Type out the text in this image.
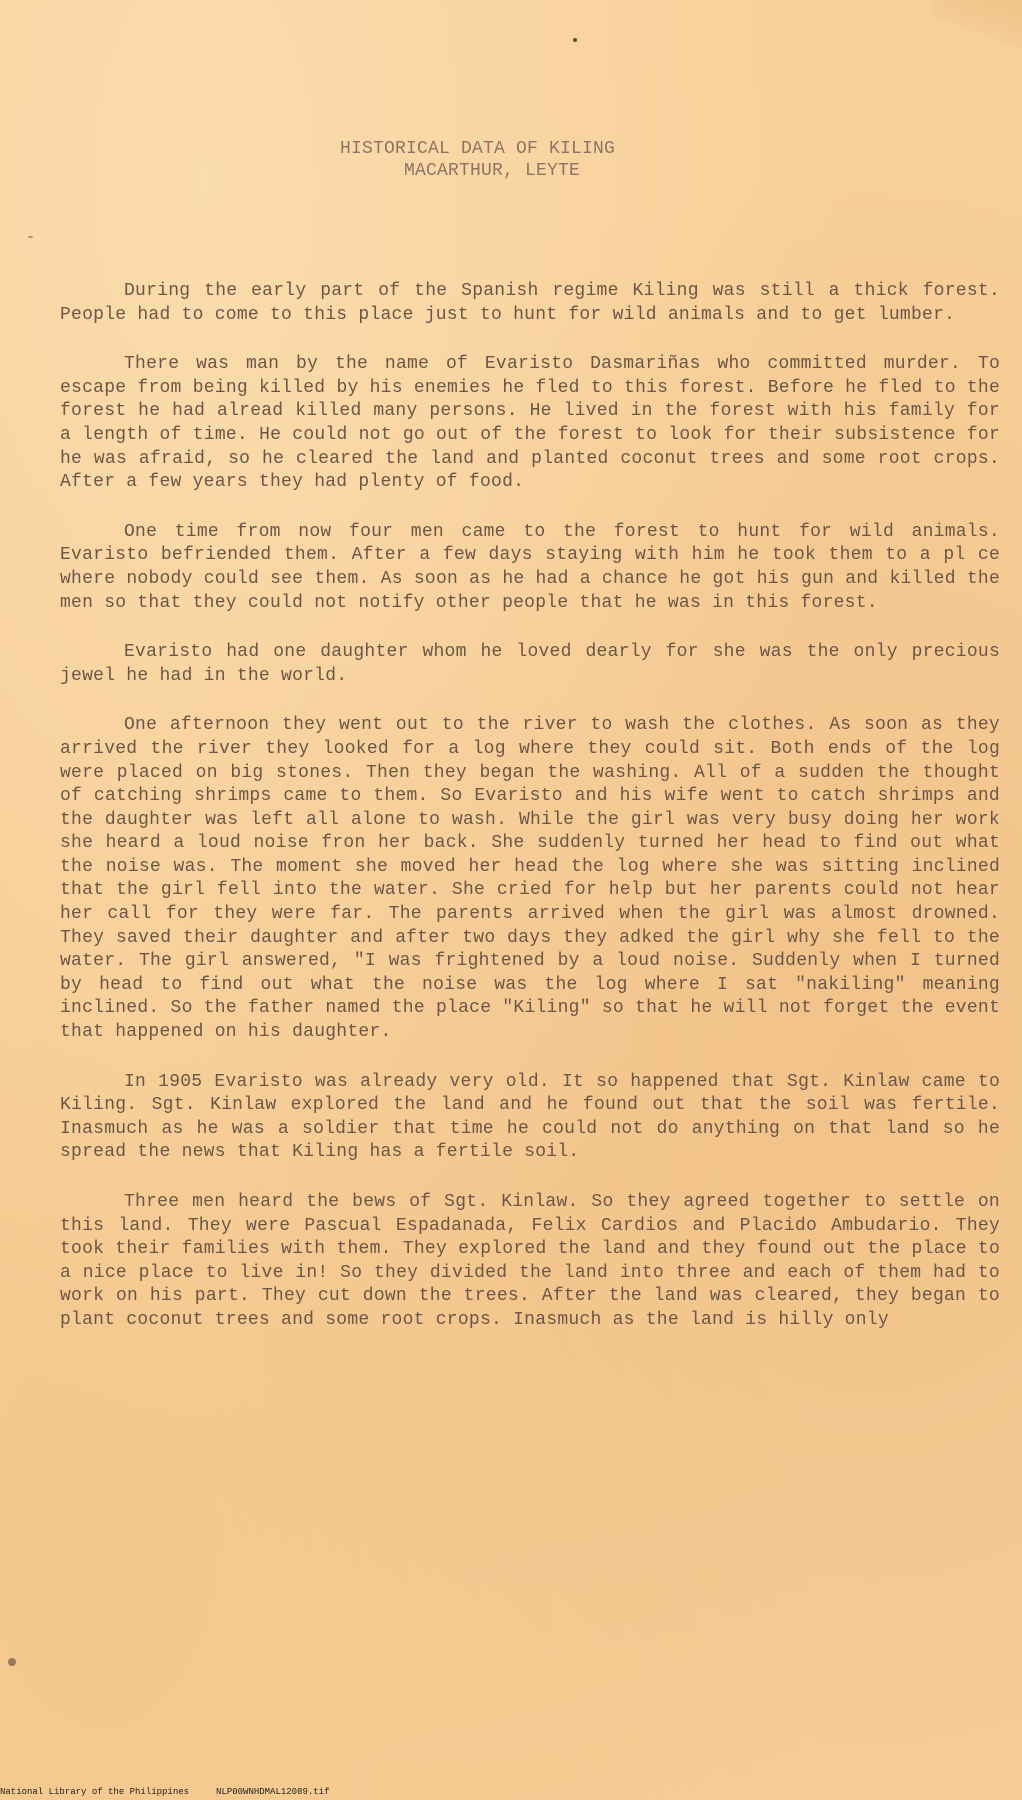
HISTORICAL DATA OF KILING
MACARTHUR, LEYTE

During the early part of the Spanish regime Kiling was still a thick forest. People had to come to this place just to hunt for wild animals and to get lumber.

There was man by the name of Evaristo Dasmariñas who committed murder. To escape from being killed by his enemies he fled to this forest. Before he fled to the forest he had alread killed many persons. He lived in the forest with his family for a length of time. He could not go out of the forest to look for their subsistence for he was afraid, so he cleared the land and planted coconut trees and some root crops. After a few years they had plenty of food.

One time from now four men came to the forest to hunt for wild animals. Evaristo befriended them. After a few days staying with him he took them to a pl ce where nobody could see them. As soon as he had a chance he got his gun and killed the men so that they could not notify other people that he was in this forest.

Evaristo had one daughter whom he loved dearly for she was the only precious jewel he had in the world.

One afternoon they went out to the river to wash the clothes. As soon as they arrived the river they looked for a log where they could sit. Both ends of the log were placed on big stones. Then they began the washing. All of a sudden the thought of catching shrimps came to them. So Evaristo and his wife went to catch shrimps and the daughter was left all alone to wash. While the girl was very busy doing her work she heard a loud noise fron her back. She suddenly turned her head to find out what the noise was. The moment she moved her head the log where she was sitting inclined that the girl fell into the water. She cried for help but her parents could not hear her call for they were far. The parents arrived when the girl was almost drowned. They saved their daughter and after two days they adked the girl why she fell to the water. The girl answered, "I was frightened by a loud noise. Suddenly when I turned by head to find out what the noise was the log where I sat "nakiling" meaning inclined. So the father named the place "Kiling" so that he will not forget the event that happened on his daughter.

In 1905 Evaristo was already very old. It so happened that Sgt. Kinlaw came to Kiling. Sgt. Kinlaw explored the land and he found out that the soil was fertile. Inasmuch as he was a soldier that time he could not do anything on that land so he spread the news that Kiling has a fertile soil.

Three men heard the bews of Sgt. Kinlaw. So they agreed together to settle on this land. They were Pascual Espadanada, Felix Cardios and Placido Ambudario. They took their families with them. They explored the land and they found out the place to a nice place to live in! So they divided the land into three and each of them had to work on his part. They cut down the trees. After the land was cleared, they began to plant coconut trees and some root crops. Inasmuch as the land is hilly only

National Library of the Philippines	NLP00WNHDMAL12089.tif
